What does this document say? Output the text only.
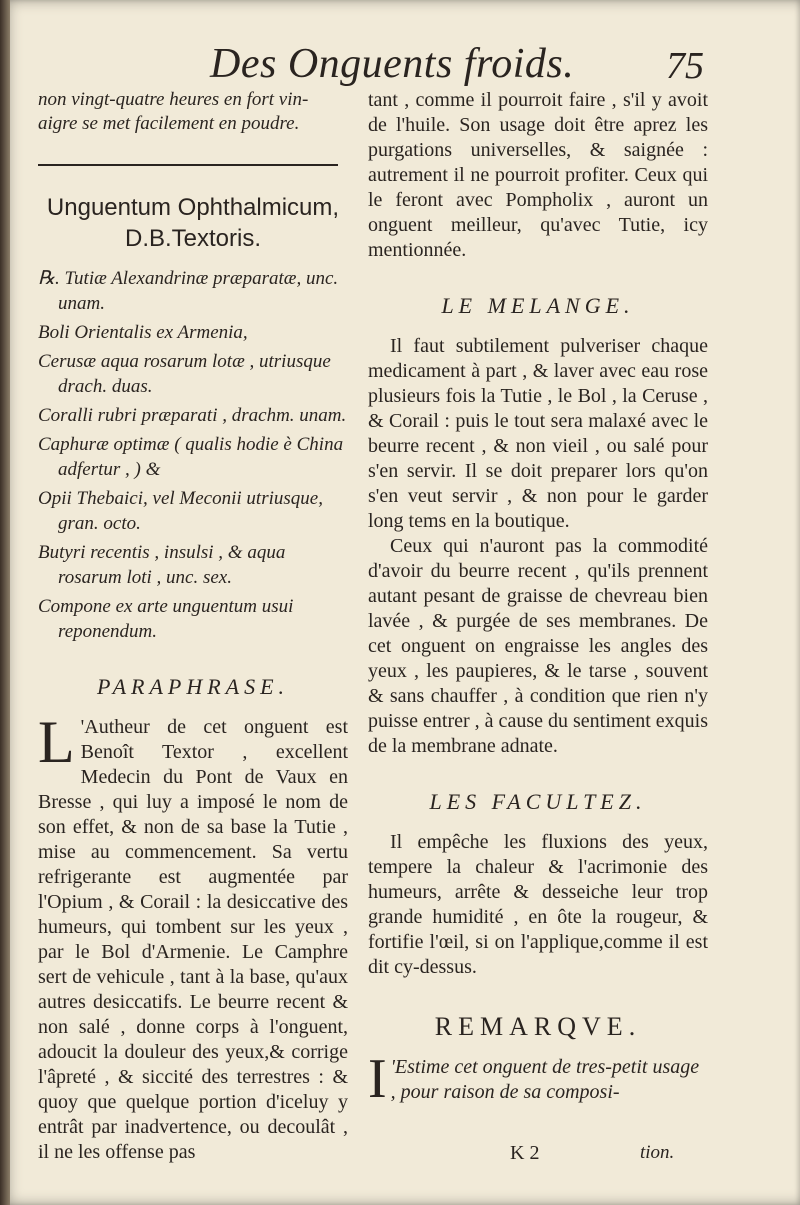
Des Onguents froids. 75

non vingt-quatre heures en fort vin-

aigre se met facilement en poudre.

Unguentum Ophthalmicum,
D.B.Textoris.

℞. Tutiæ Alexandrinæ præparatæ, unc. unam.

Boli Orientalis ex Armenia,

Cerusæ aqua rosarum lotæ , utriusque drach. duas.

Coralli rubri præparati , drachm. unam.

Caphuræ optimæ ( qualis hodie è China adfertur , ) &

Opii Thebaici, vel Meconii utriusque, gran. octo.

Butyri recentis , insulsi , & aqua rosarum loti , unc. sex.

Compone ex arte unguentum usui reponendum.

PARAPHRASE.
L 'Autheur de cet onguent est Benoît Textor , excellent Medecin du Pont de Vaux en Bresse , qui luy a imposé le nom de son effet, & non de sa base la Tutie , mise au commencement. Sa vertu refrigerante est augmentée par l'Opium , & Corail : la desiccative des humeurs, qui tombent sur les yeux , par le Bol d'Armenie. Le Camphre sert de vehicule , tant à la base, qu'aux autres desiccatifs. Le beurre recent & non salé , donne corps à l'onguent, adoucit la douleur des yeux,& corrige l'âpreté , & siccité des terrestres : & quoy que quelque portion d'iceluy y entrât par inadvertence, ou decoulât , il ne les offense pas

tant , comme il pourroit faire , s'il y avoit de l'huile. Son usage doit être aprez les purgations universelles, & saignée : autrement il ne pourroit profiter. Ceux qui le feront avec Pompholix , auront un onguent meilleur, qu'avec Tutie, icy mentionnée.

LE MELANGE.

Il faut subtilement pulveriser chaque medicament à part , & laver avec eau rose plusieurs fois la Tutie , le Bol , la Ceruse , & Corail : puis le tout sera malaxé avec le beurre recent , & non vieil , ou salé pour s'en servir. Il se doit preparer lors qu'on s'en veut servir , & non pour le garder long tems en la boutique.

Ceux qui n'auront pas la commodité d'avoir du beurre recent , qu'ils prennent autant pesant de graisse de chevreau bien lavée , & purgée de ses membranes. De cet onguent on engraisse les angles des yeux , les paupieres, & le tarse , souvent & sans chauffer , à condition que rien n'y puisse entrer , à cause du sentiment exquis de la membrane adnate.

LES FACULTEZ.

Il empêche les fluxions des yeux, tempere la chaleur & l'acrimonie des humeurs, arrête & desseiche leur trop grande humidité , en ôte la rougeur, & fortifie l'œil, si on l'applique,comme il est dit cy-dessus.

REMARQVE.
I 'Estime cet onguent de tres-petit usage , pour raison de sa composi-

K 2	tion.
